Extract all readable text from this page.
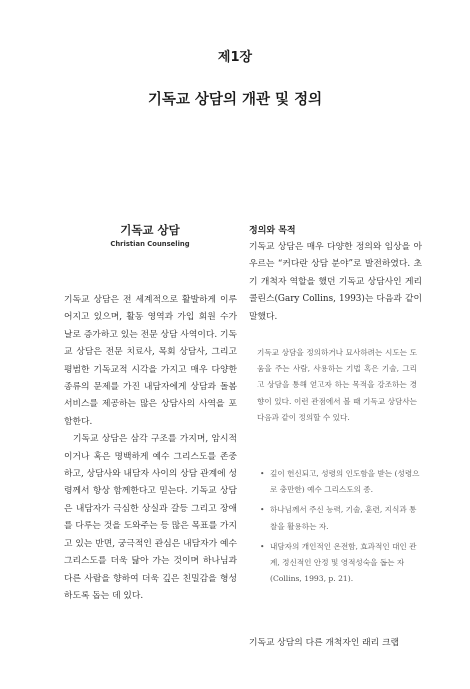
제1장
기독교 상담의 개관 및 정의
기독교 상담
Christian Counseling

기독교 상담은 전 세계적으로 활발하게 이루어지고 있으며, 활동 영역과 가입 회원 수가 날로 증가하고 있는 전문 상담 사역이다. 기독교 상담은 전문 치료사, 목회 상담사, 그리고 평범한 기독교적 시각을 가지고 매우 다양한 종류의 문제를 가진 내담자에게 상담과 돌봄 서비스를 제공하는 많은 상담사의 사역을 포함한다.

기독교 상담은 삼각 구조를 가지며, 암시적이거나 혹은 명백하게 예수 그리스도를 존중하고, 상담사와 내담자 사이의 상담 관계에 성령께서 항상 함께한다고 믿는다. 기독교 상담은 내담자가 극심한 상실과 갈등 그리고 장애를 다루는 것을 도와주는 등 많은 목표를 가지고 있는 반면, 궁극적인 관심은 내담자가 예수 그리스도를 더욱 닮아 가는 것이며 하나님과 다른 사람을 향하여 더욱 깊은 친밀감을 형성하도록 돕는 데 있다.

정의와 목적

기독교 상담은 매우 다양한 정의와 임상을 아우르는 “커다란 상담 분야”로 발전하였다. 초기 개척자 역할을 했던 기독교 상담사인 게리 콜린스(Gary Collins, 1993)는 다음과 같이 말했다.

기독교 상담을 정의하거나 묘사하려는 시도는 도움을 주는 사람, 사용하는 기법 혹은 기술, 그리고 상담을 통해 얻고자 하는 목적을 강조하는 경향이 있다. 이런 관점에서 볼 때 기독교 상담사는 다음과 같이 정의할 수 있다.
• 깊이 헌신되고, 성령의 인도함을 받는 (성령으로 충만한) 예수 그리스도의 종.
• 하나님께서 주신 능력, 기술, 훈련, 지식과 통찰을 활용하는 자.
• 내담자의 개인적인 온전함, 효과적인 대인 관계, 정신적인 안정 및 영적성숙을 돕는 자(Collins, 1993, p. 21).

기독교 상담의 다른 개척자인 래리 크랩
